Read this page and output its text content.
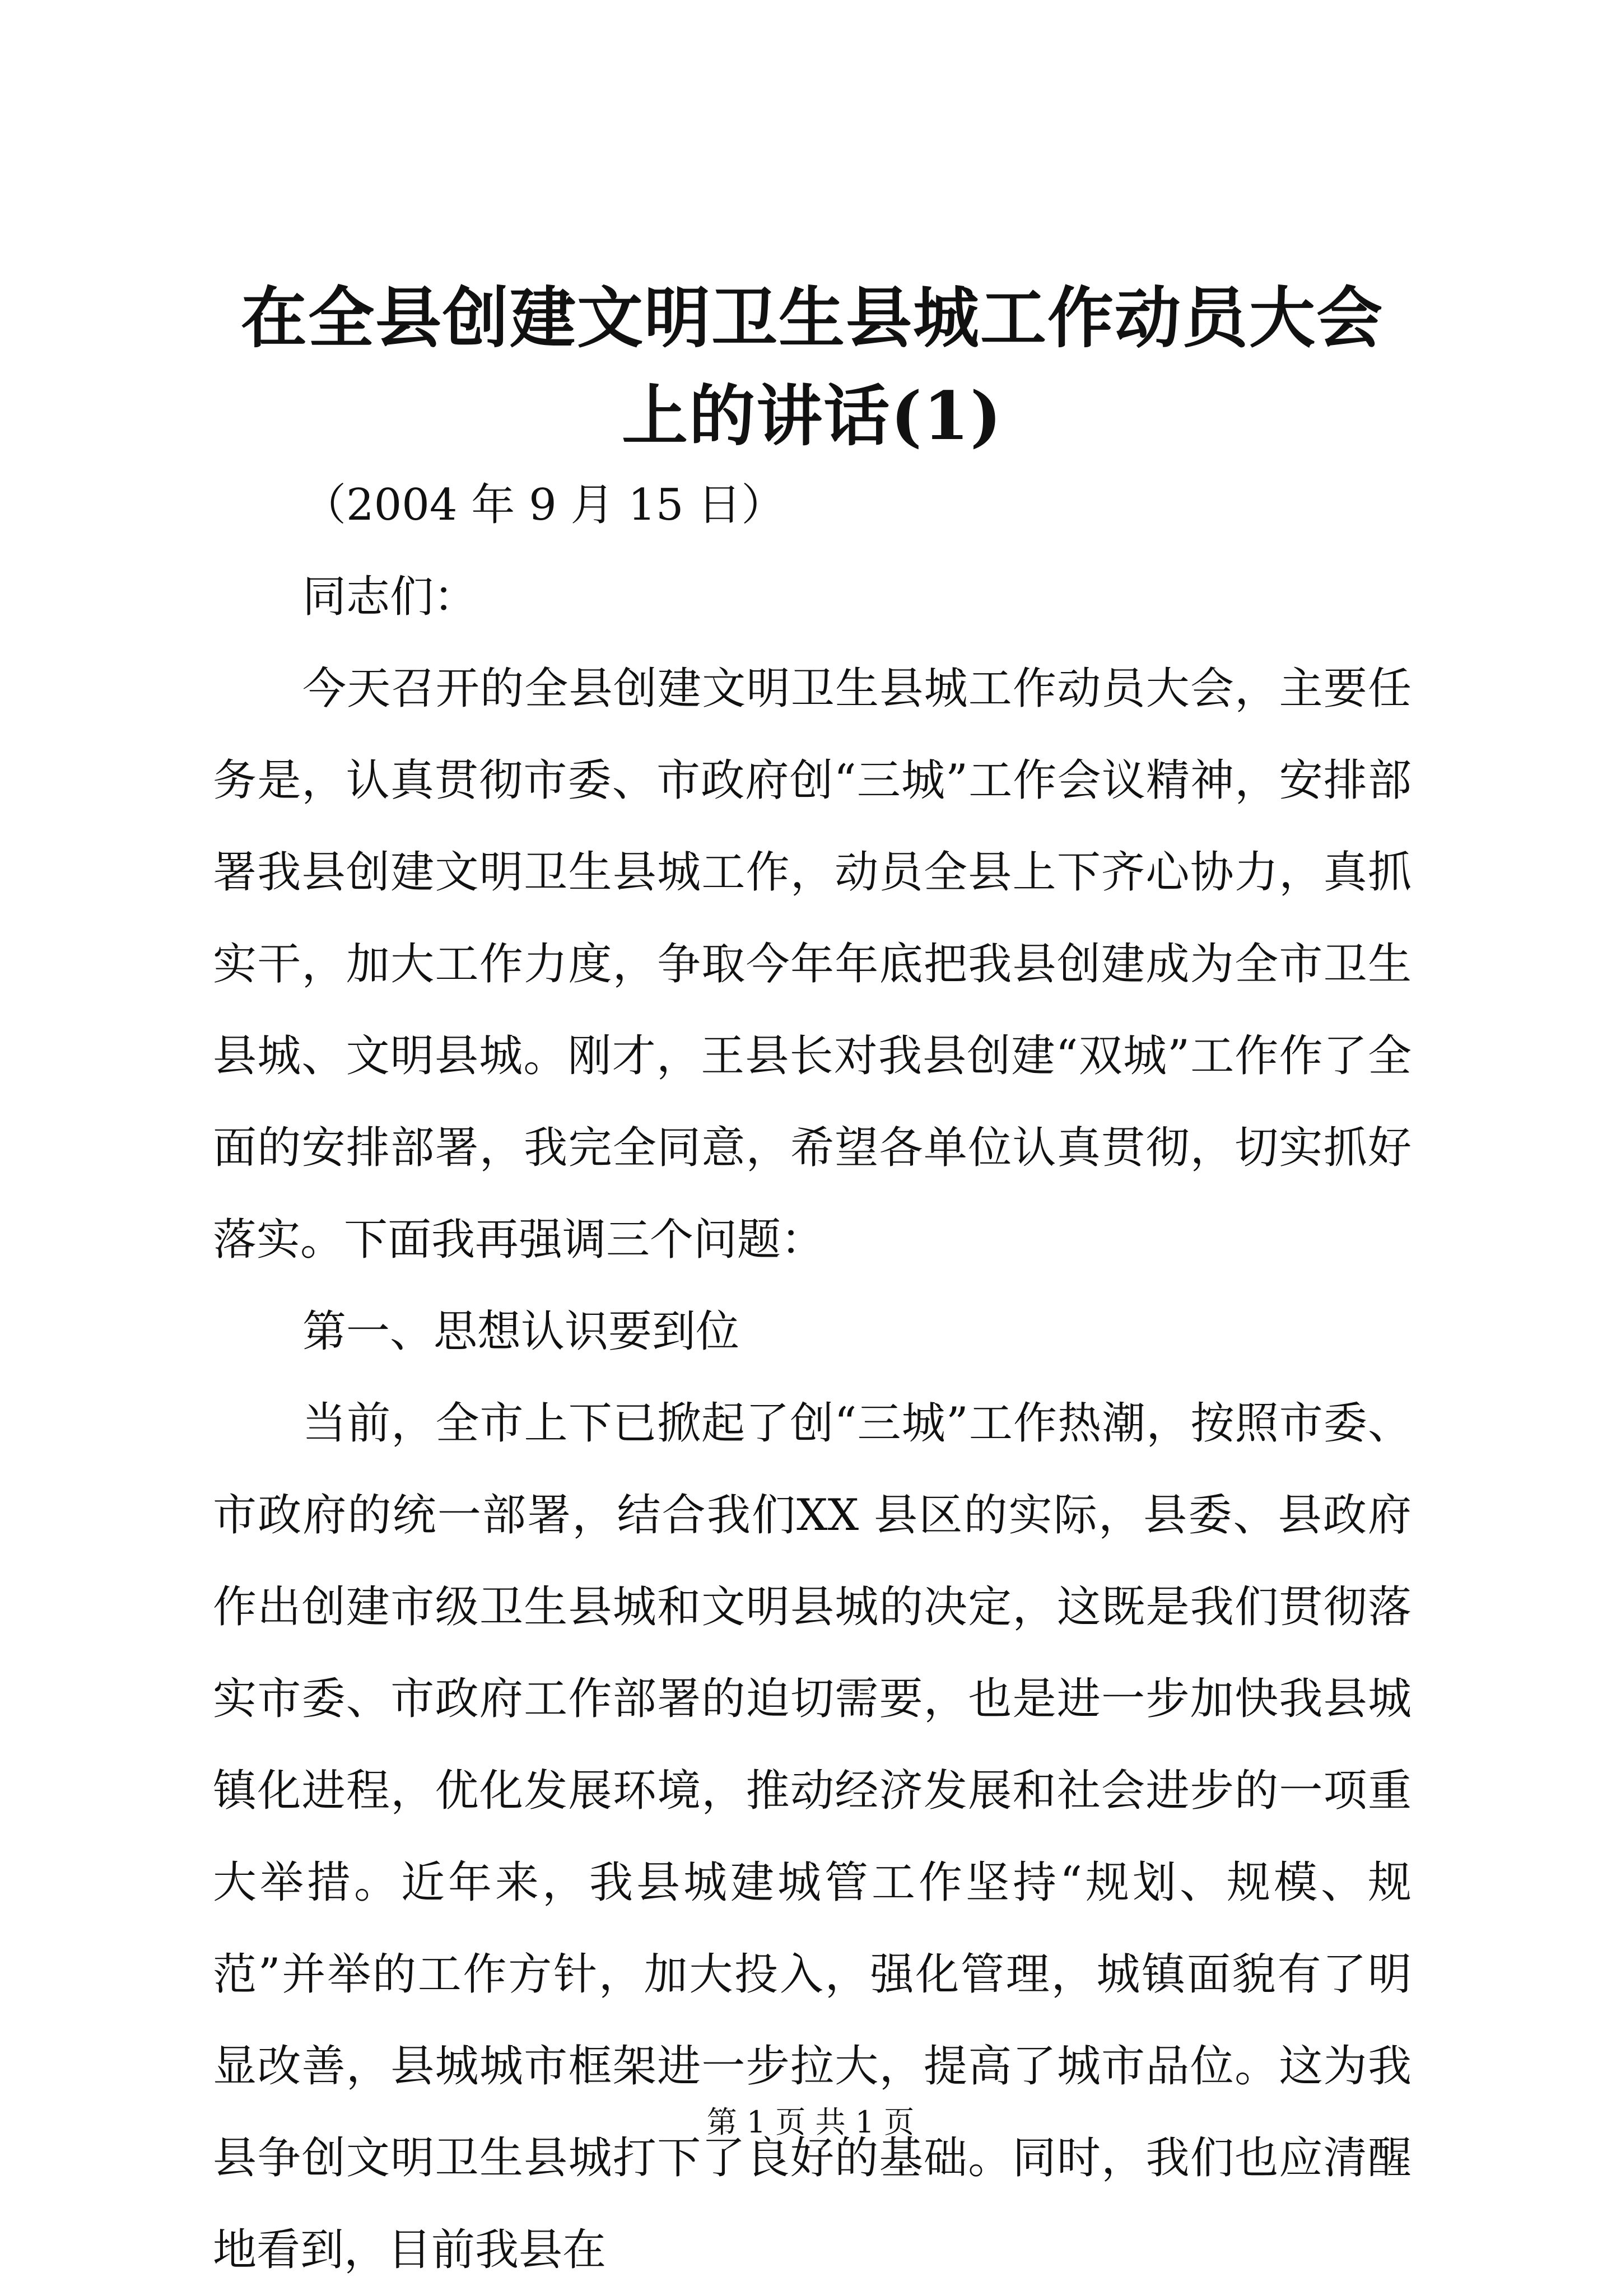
在全县创建文明卫生县城工作动员大会上的讲话(1)

（2004 年 9 月 15 日）

同志们：

今天召开的全县创建文明卫生县城工作动员大会，主要任务是，认真贯彻市委、市政府创“三城”工作会议精神，安排部署我县创建文明卫生县城工作，动员全县上下齐心协力，真抓实干，加大工作力度，争取今年年底把我县创建成为全市卫生县城、文明县城。刚才，王县长对我县创建“双城”工作作了全面的安排部署，我完全同意，希望各单位认真贯彻，切实抓好落实。下面我再强调三个问题：

第一、思想认识要到位

当前，全市上下已掀起了创“三城”工作热潮，按照市委、市政府的统一部署，结合我们XX 县区的实际，县委、县政府作出创建市级卫生县城和文明县城的决定，这既是我们贯彻落实市委、市政府工作部署的迫切需要，也是进一步加快我县城镇化进程，优化发展环境，推动经济发展和社会进步的一项重大举措。近年来，我县城建城管工作坚持“规划、规模、规范”并举的工作方针，加大投入，强化管理，城镇面貌有了明显改善，县城城市框架进一步拉大，提高了城市品位。这为我县争创文明卫生县城打下了良好的基础。同时，我们也应清醒地看到，目前我县在

第 1 页 共 1 页
